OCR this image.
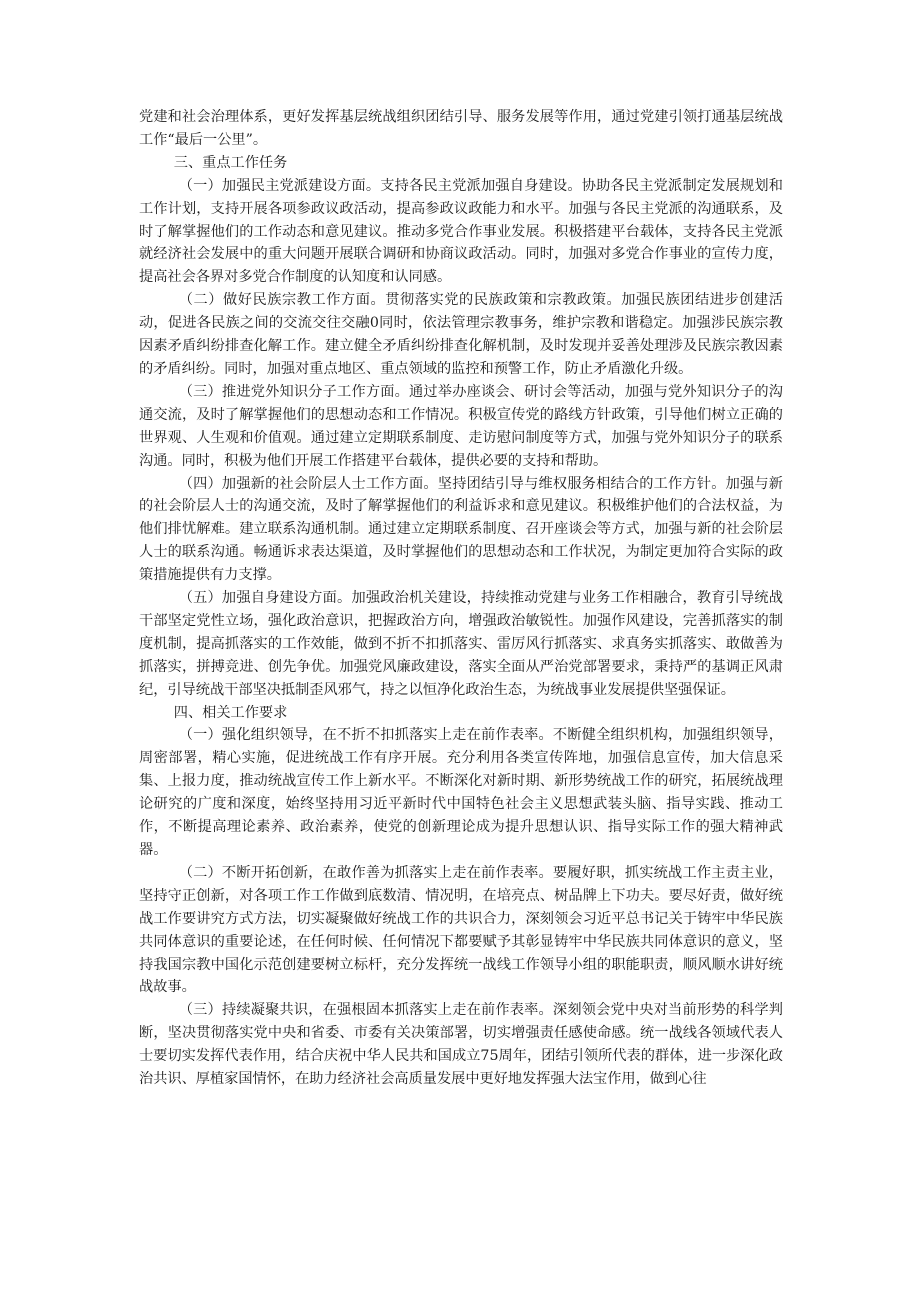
党建和社会治理体系，更好发挥基层统战组织团结引导、服务发展等作用，通过党建引领打通基层统战工作“最后一公里”。

三、重点工作任务

（一）加强民主党派建设方面。支持各民主党派加强自身建设。协助各民主党派制定发展规划和工作计划，支持开展各项参政议政活动，提高参政议政能力和水平。加强与各民主党派的沟通联系，及时了解掌握他们的工作动态和意见建议。推动多党合作事业发展。积极搭建平台载体，支持各民主党派就经济社会发展中的重大问题开展联合调研和协商议政活动。同时，加强对多党合作事业的宣传力度，提高社会各界对多党合作制度的认知度和认同感。

（二）做好民族宗教工作方面。贯彻落实党的民族政策和宗教政策。加强民族团结进步创建活动，促进各民族之间的交流交往交融0同时，依法管理宗教事务，维护宗教和谐稳定。加强涉民族宗教因素矛盾纠纷排查化解工作。建立健全矛盾纠纷排查化解机制，及时发现并妥善处理涉及民族宗教因素的矛盾纠纷。同时，加强对重点地区、重点领域的监控和预警工作，防止矛盾激化升级。

（三）推进党外知识分子工作方面。通过举办座谈会、研讨会等活动，加强与党外知识分子的沟通交流，及时了解掌握他们的思想动态和工作情况。积极宣传党的路线方针政策，引导他们树立正确的世界观、人生观和价值观。通过建立定期联系制度、走访慰问制度等方式，加强与党外知识分子的联系沟通。同时，积极为他们开展工作搭建平台载体，提供必要的支持和帮助。

（四）加强新的社会阶层人士工作方面。坚持团结引导与维权服务相结合的工作方针。加强与新的社会阶层人士的沟通交流，及时了解掌握他们的利益诉求和意见建议。积极维护他们的合法权益，为他们排忧解难。建立联系沟通机制。通过建立定期联系制度、召开座谈会等方式，加强与新的社会阶层人士的联系沟通。畅通诉求表达渠道，及时掌握他们的思想动态和工作状况，为制定更加符合实际的政策措施提供有力支撑。

（五）加强自身建设方面。加强政治机关建设，持续推动党建与业务工作相融合，教育引导统战干部坚定党性立场，强化政治意识，把握政治方向，增强政治敏锐性。加强作风建设，完善抓落实的制度机制，提高抓落实的工作效能，做到不折不扣抓落实、雷厉风行抓落实、求真务实抓落实、敢做善为抓落实，拼搏竞进、创先争优。加强党风廉政建设，落实全面从严治党部署要求，秉持严的基调正风肃纪，引导统战干部坚决抵制歪风邪气，持之以恒净化政治生态，为统战事业发展提供坚强保证。

四、相关工作要求

（一）强化组织领导，在不折不扣抓落实上走在前作表率。不断健全组织机构，加强组织领导，周密部署，精心实施，促进统战工作有序开展。充分利用各类宣传阵地，加强信息宣传，加大信息采集、上报力度，推动统战宣传工作上新水平。不断深化对新时期、新形势统战工作的研究，拓展统战理论研究的广度和深度，始终坚持用习近平新时代中国特色社会主义思想武装头脑、指导实践、推动工作，不断提高理论素养、政治素养，使党的创新理论成为提升思想认识、指导实际工作的强大精神武器。

（二）不断开拓创新，在敢作善为抓落实上走在前作表率。要履好职，抓实统战工作主责主业，坚持守正创新，对各项工作工作做到底数清、情况明，在培亮点、树品牌上下功夫。要尽好责，做好统战工作要讲究方式方法，切实凝聚做好统战工作的共识合力，深刻领会习近平总书记关于铸牢中华民族共同体意识的重要论述，在任何时候、任何情况下都要赋予其彰显铸牢中华民族共同体意识的意义，坚持我国宗教中国化示范创建要树立标杆，充分发挥统一战线工作领导小组的职能职责，顺风顺水讲好统战故事。

（三）持续凝聚共识，在强根固本抓落实上走在前作表率。深刻领会党中央对当前形势的科学判断，坚决贯彻落实党中央和省委、市委有关决策部署，切实增强责任感使命感。统一战线各领域代表人士要切实发挥代表作用，结合庆祝中华人民共和国成立75周年，团结引领所代表的群体，进一步深化政治共识、厚植家国情怀，在助力经济社会高质量发展中更好地发挥强大法宝作用，做到心往
